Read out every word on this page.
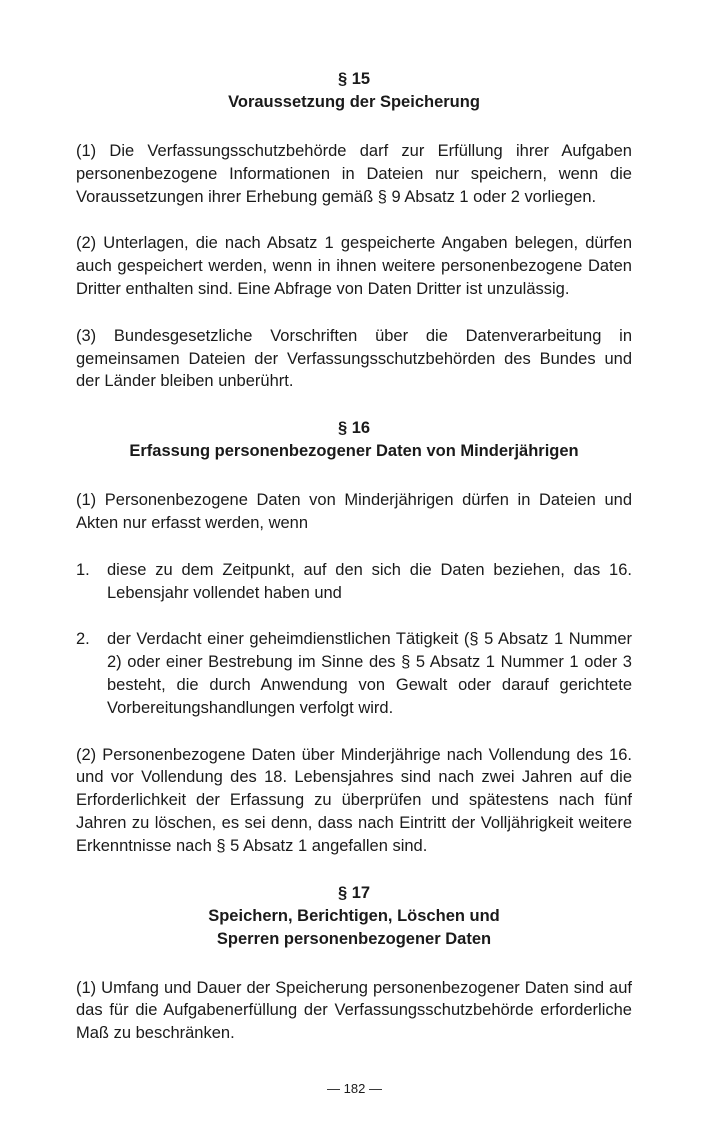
§ 15

Voraussetzung der Speicherung

(1) Die Verfassungsschutzbehörde darf zur Erfüllung ihrer Aufgaben personenbezogene Informationen in Dateien nur speichern, wenn die Voraussetzungen ihrer Erhebung gemäß § 9 Absatz 1 oder 2 vorliegen.

(2) Unterlagen, die nach Absatz 1 gespeicherte Angaben belegen, dürfen auch gespeichert werden, wenn in ihnen weitere personenbezogene Daten Dritter enthalten sind. Eine Abfrage von Daten Dritter ist unzulässig.

(3) Bundesgesetzliche Vorschriften über die Datenverarbeitung in gemeinsamen Dateien der Verfassungsschutzbehörden des Bundes und der Länder bleiben unberührt.

§ 16

Erfassung personenbezogener Daten von Minderjährigen

(1) Personenbezogene Daten von Minderjährigen dürfen in Dateien und Akten nur erfasst werden, wenn

1.	diese zu dem Zeitpunkt, auf den sich die Daten beziehen, das 16. Lebensjahr vollendet haben und

2.	der Verdacht einer geheimdienstlichen Tätigkeit (§ 5 Absatz 1 Nummer 2) oder einer Bestrebung im Sinne des § 5 Absatz 1 Nummer 1 oder 3 besteht, die durch Anwendung von Gewalt oder darauf gerichtete Vorbereitungshandlungen verfolgt wird.

(2) Personenbezogene Daten über Minderjährige nach Vollendung des 16. und vor Vollendung des 18. Lebensjahres sind nach zwei Jahren auf die Erforderlichkeit der Erfassung zu überprüfen und spätestens nach fünf Jahren zu löschen, es sei denn, dass nach Eintritt der Volljährigkeit weitere Erkenntnisse nach § 5 Absatz 1 angefallen sind.

§ 17

Speichern, Berichtigen, Löschen und

Sperren personenbezogener Daten

(1) Umfang und Dauer der Speicherung personenbezogener Daten sind auf das für die Aufgabenerfüllung der Verfassungsschutzbehörde erforderliche Maß zu beschränken.

— 182 —
